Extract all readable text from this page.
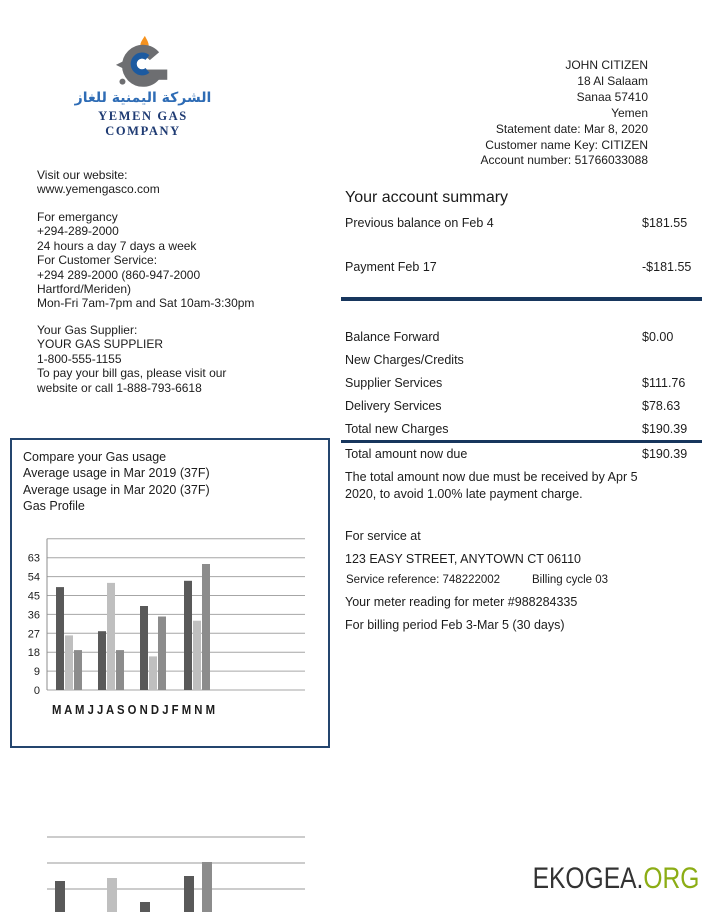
الشركة اليمنية للغاز
YEMEN GAS COMPANY
JOHN CITIZEN
18 Al Salaam
Sanaa 57410
Yemen
Statement date: Mar 8, 2020
Customer name Key: CITIZEN
Account number: 51766033088
Visit our website:
www.yemengasco.com
For emergancy
+294-289-2000
24 hours a day 7 days a week
For Customer Service:
+294 289-2000 (860-947-2000
Hartford/Meriden)
Mon-Fri 7am-7pm and Sat 10am-3:30pm
Your Gas Supplier:
YOUR GAS SUPPLIER
1-800-555-1155
To pay your bill gas, please visit our
website or call 1-888-793-6618
Your account summary
Previous balance on Feb 4	$181.55
Payment Feb 17	-$181.55
Balance Forward	$0.00
New Charges/Credits
Supplier Services	$111.76
Delivery Services	$78.63
Total new Charges	$190.39
Total amount now due	$190.39
The total amount now due must be received by Apr 5 2020, to avoid 1.00% late payment charge.
For service at
123 EASY STREET, ANYTOWN CT 06110
Service reference: 748222002	Billing cycle 03
Your meter reading for meter #988284335
For billing period Feb 3-Mar 5 (30 days)
Compare your Gas usage
Average usage in Mar 2019 (37F)
Average usage in Mar 2020 (37F)
Gas Profile
0
9
18
27
36
45
54
63
M A M J J A S O N D J F M N M
EKOGEA.ORG
